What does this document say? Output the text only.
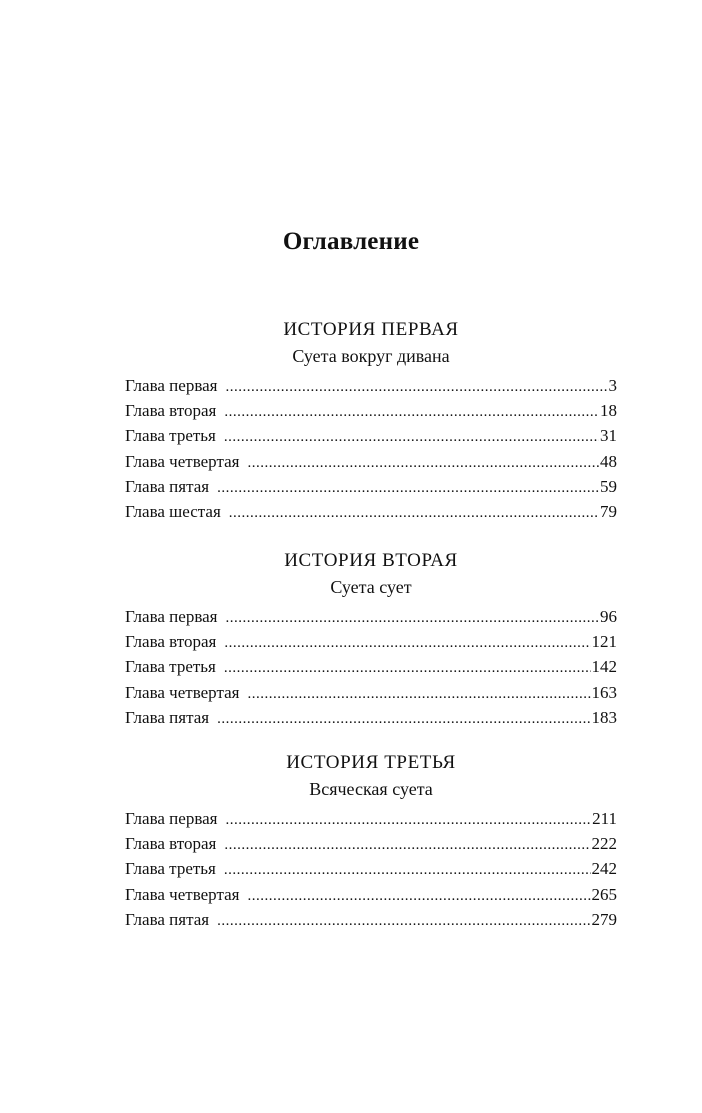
Оглавление
ИСТОРИЯ ПЕРВАЯ
Суета вокруг дивана
Глава первая .....	3
Глава вторая .....	18
Глава третья .....	31
Глава четвертая .....	48
Глава пятая .....	59
Глава шестая .....	79
ИСТОРИЯ ВТОРАЯ
Суета сует
Глава первая .....	96
Глава вторая .....	121
Глава третья .....	142
Глава четвертая .....	163
Глава пятая .....	183
ИСТОРИЯ ТРЕТЬЯ
Всяческая суета
Глава первая .....	211
Глава вторая .....	222
Глава третья .....	242
Глава четвертая .....	265
Глава пятая .....	279
